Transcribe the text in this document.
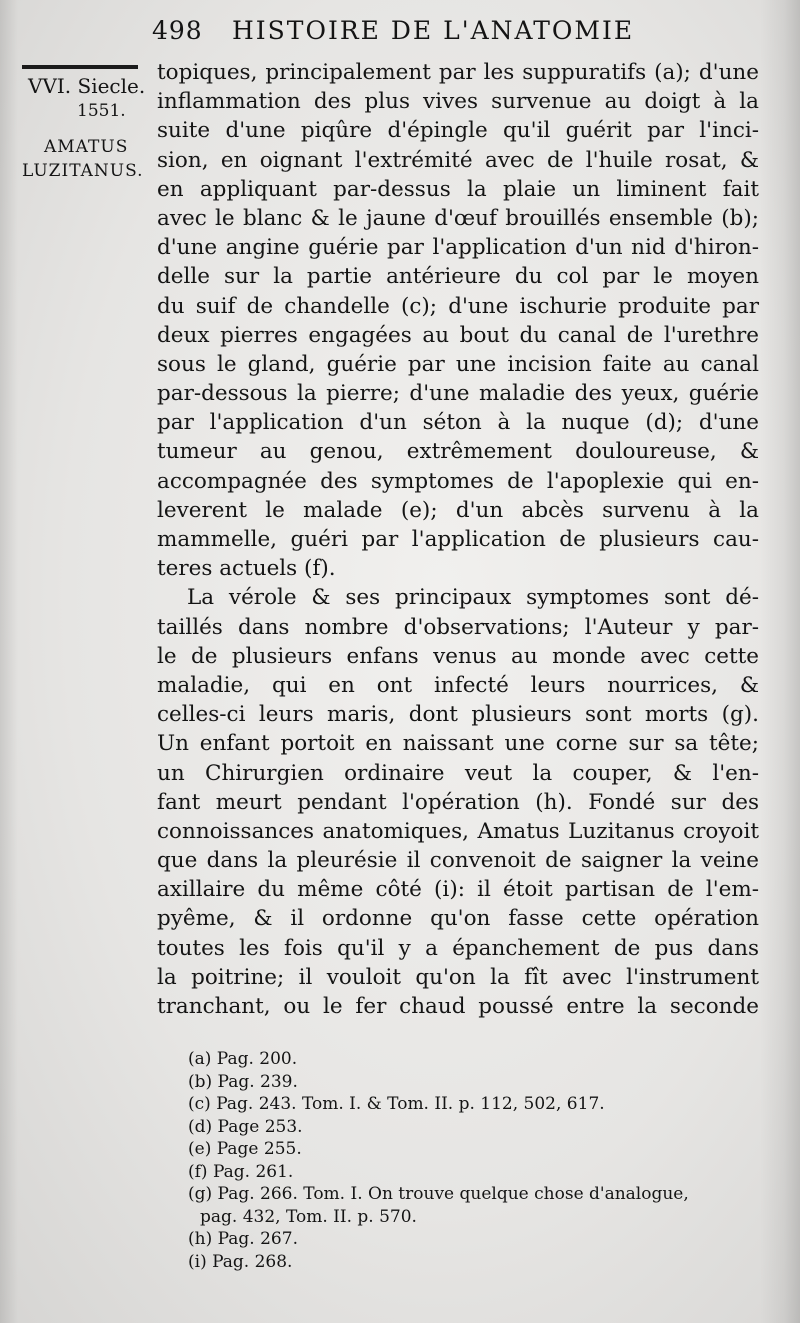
498 HISTOIRE DE L'ANATOMIE
VVI. Siecle.
1551.
AMATUS
LUZITANUS.
topiques, principalement par les suppuratifs (a); d'une
inflammation des plus vives survenue au doigt à la
suite d'une piqûre d'épingle qu'il guérit par l'inci-
sion, en oignant l'extrémité avec de l'huile rosat, &
en appliquant par-dessus la plaie un liminent fait
avec le blanc & le jaune d'œuf brouillés ensemble (b);
d'une angine guérie par l'application d'un nid d'hiron-
delle sur la partie antérieure du col par le moyen
du suif de chandelle (c); d'une ischurie produite par
deux pierres engagées au bout du canal de l'urethre
sous le gland, guérie par une incision faite au canal
par-dessous la pierre; d'une maladie des yeux, guérie
par l'application d'un séton à la nuque (d); d'une
tumeur au genou, extrêmement douloureuse, &
accompagnée des symptomes de l'apoplexie qui en-
leverent le malade (e); d'un abcès survenu à la
mammelle, guéri par l'application de plusieurs cau-
teres actuels (f).
La vérole & ses principaux symptomes sont dé-
taillés dans nombre d'observations; l'Auteur y par-
le de plusieurs enfans venus au monde avec cette
maladie, qui en ont infecté leurs nourrices, &
celles-ci leurs maris, dont plusieurs sont morts (g).
Un enfant portoit en naissant une corne sur sa tête;
un Chirurgien ordinaire veut la couper, & l'en-
fant meurt pendant l'opération (h). Fondé sur des
connoissances anatomiques, Amatus Luzitanus croyoit
que dans la pleurésie il convenoit de saigner la veine
axillaire du même côté (i): il étoit partisan de l'em-
pyême, & il ordonne qu'on fasse cette opération
toutes les fois qu'il y a épanchement de pus dans
la poitrine; il vouloit qu'on la fît avec l'instrument
tranchant, ou le fer chaud poussé entre la seconde
(a) Pag. 200.
(b) Pag. 239.
(c) Pag. 243. Tom. I. & Tom. II. p. 112, 502, 617.
(d) Page 253.
(e) Page 255.
(f) Pag. 261.
(g) Pag. 266. Tom. I. On trouve quelque chose d'analogue,
pag. 432, Tom. II. p. 570.
(h) Pag. 267.
(i) Pag. 268.
